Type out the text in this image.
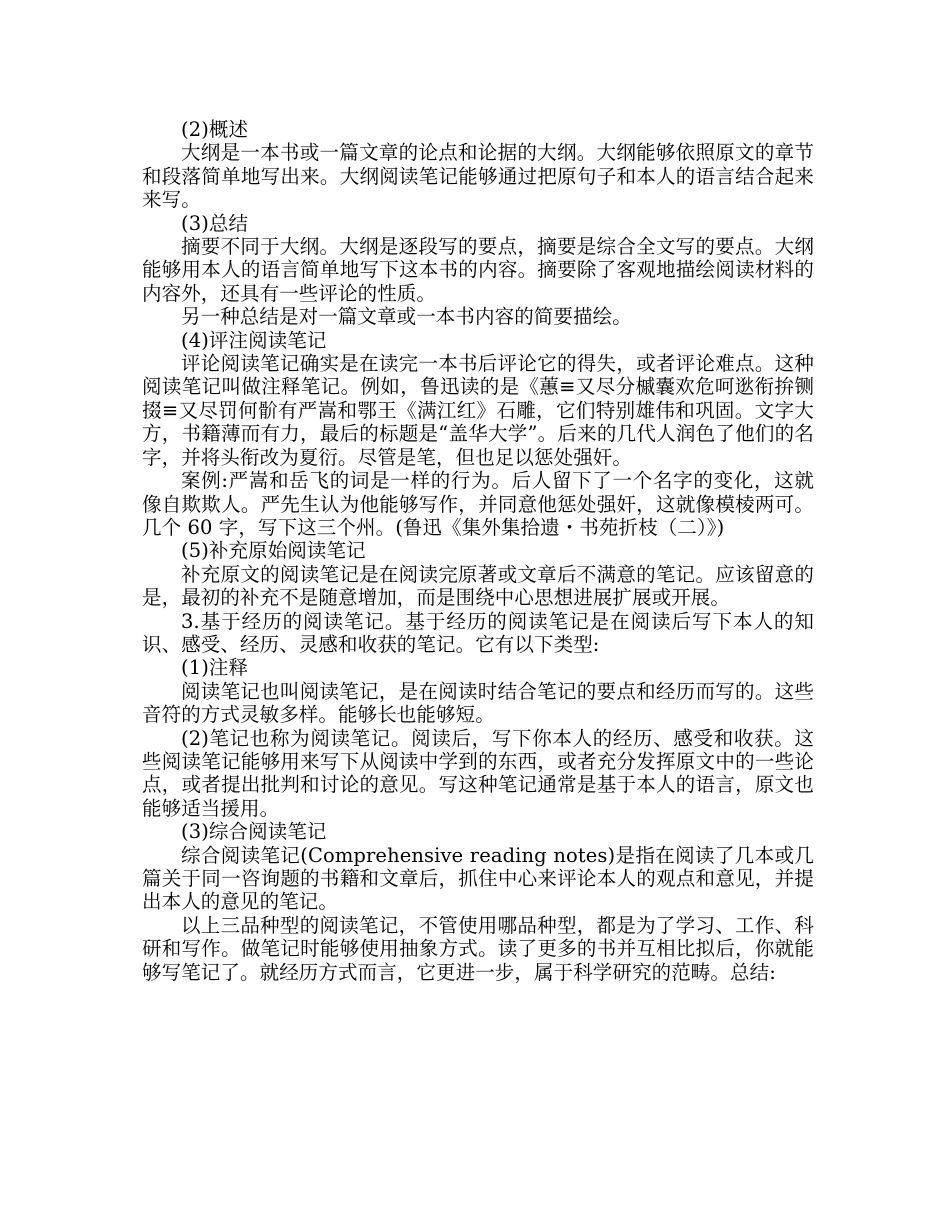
(2)概述

大纲是一本书或一篇文章的论点和论据的大纲。大纲能够依照原文的章节和段落简单地写出来。大纲阅读笔记能够通过把原句子和本人的语言结合起来来写。

(3)总结

摘要不同于大纲。大纲是逐段写的要点，摘要是综合全文写的要点。大纲能够用本人的语言简单地写下这本书的内容。摘要除了客观地描绘阅读材料的内容外，还具有一些评论的性质。

另一种总结是对一篇文章或一本书内容的简要描绘。

(4)评注阅读笔记

评论阅读笔记确实是在读完一本书后评论它的得失，或者评论难点。这种阅读笔记叫做注释笔记。例如，鲁迅读的是《蕙≡又尽分槭囊欢危呵逖衔拚铡掇≡又尽罚何骱有严嵩和鄂王《满江红》石雕，它们特别雄伟和巩固。文字大方，书籍薄而有力，最后的标题是“盖华大学”。后来的几代人润色了他们的名字，并将头衔改为夏衍。尽管是笔，但也足以惩处强奸。

案例:严嵩和岳飞的词是一样的行为。后人留下了一个名字的变化，这就像自欺欺人。严先生认为他能够写作，并同意他惩处强奸，这就像模棱两可。几个 60 字，写下这三个州。(鲁迅《集外集拾遗・书苑折枝（二）》)

(5)补充原始阅读笔记

补充原文的阅读笔记是在阅读完原著或文章后不满意的笔记。应该留意的是，最初的补充不是随意增加，而是围绕中心思想进展扩展或开展。

3.基于经历的阅读笔记。基于经历的阅读笔记是在阅读后写下本人的知识、感受、经历、灵感和收获的笔记。它有以下类型:

(1)注释

阅读笔记也叫阅读笔记，是在阅读时结合笔记的要点和经历而写的。这些音符的方式灵敏多样。能够长也能够短。

(2)笔记也称为阅读笔记。阅读后，写下你本人的经历、感受和收获。这些阅读笔记能够用来写下从阅读中学到的东西，或者充分发挥原文中的一些论点，或者提出批判和讨论的意见。写这种笔记通常是基于本人的语言，原文也能够适当援用。

(3)综合阅读笔记

综合阅读笔记(Comprehensive reading notes)是指在阅读了几本或几篇关于同一咨询题的书籍和文章后，抓住中心来评论本人的观点和意见，并提出本人的意见的笔记。

以上三品种型的阅读笔记，不管使用哪品种型，都是为了学习、工作、科研和写作。做笔记时能够使用抽象方式。读了更多的书并互相比拟后，你就能够写笔记了。就经历方式而言，它更进一步，属于科学研究的范畴。总结:
